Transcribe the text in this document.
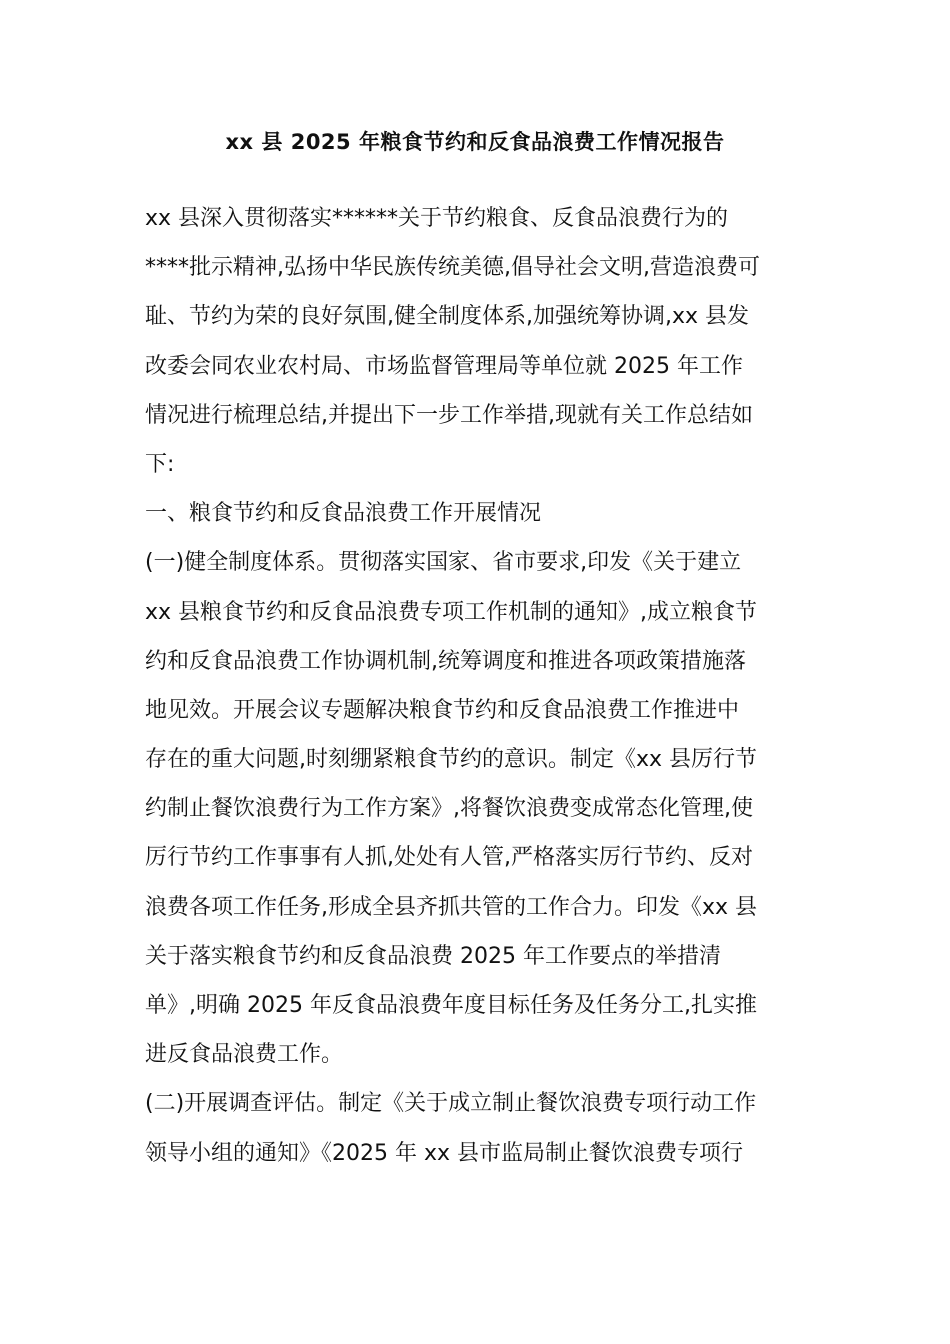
xx 县 2025 年粮食节约和反食品浪费工作情况报告
xx 县深入贯彻落实******关于节约粮食、反食品浪费行为的
****批示精神,弘扬中华民族传统美德,倡导社会文明,营造浪费可
耻、节约为荣的良好氛围,健全制度体系,加强统筹协调,xx 县发
改委会同农业农村局、市场监督管理局等单位就 2025 年工作
情况进行梳理总结,并提出下一步工作举措,现就有关工作总结如
下:
一、粮食节约和反食品浪费工作开展情况
(一)健全制度体系。贯彻落实国家、省市要求,印发《关于建立
xx 县粮食节约和反食品浪费专项工作机制的通知》,成立粮食节
约和反食品浪费工作协调机制,统筹调度和推进各项政策措施落
地见效。开展会议专题解决粮食节约和反食品浪费工作推进中
存在的重大问题,时刻绷紧粮食节约的意识。制定《xx 县厉行节
约制止餐饮浪费行为工作方案》,将餐饮浪费变成常态化管理,使
厉行节约工作事事有人抓,处处有人管,严格落实厉行节约、反对
浪费各项工作任务,形成全县齐抓共管的工作合力。印发《xx 县
关于落实粮食节约和反食品浪费 2025 年工作要点的举措清
单》,明确 2025 年反食品浪费年度目标任务及任务分工,扎实推
进反食品浪费工作。
(二)开展调查评估。制定《关于成立制止餐饮浪费专项行动工作
领导小组的通知》《2025 年 xx 县市监局制止餐饮浪费专项行
